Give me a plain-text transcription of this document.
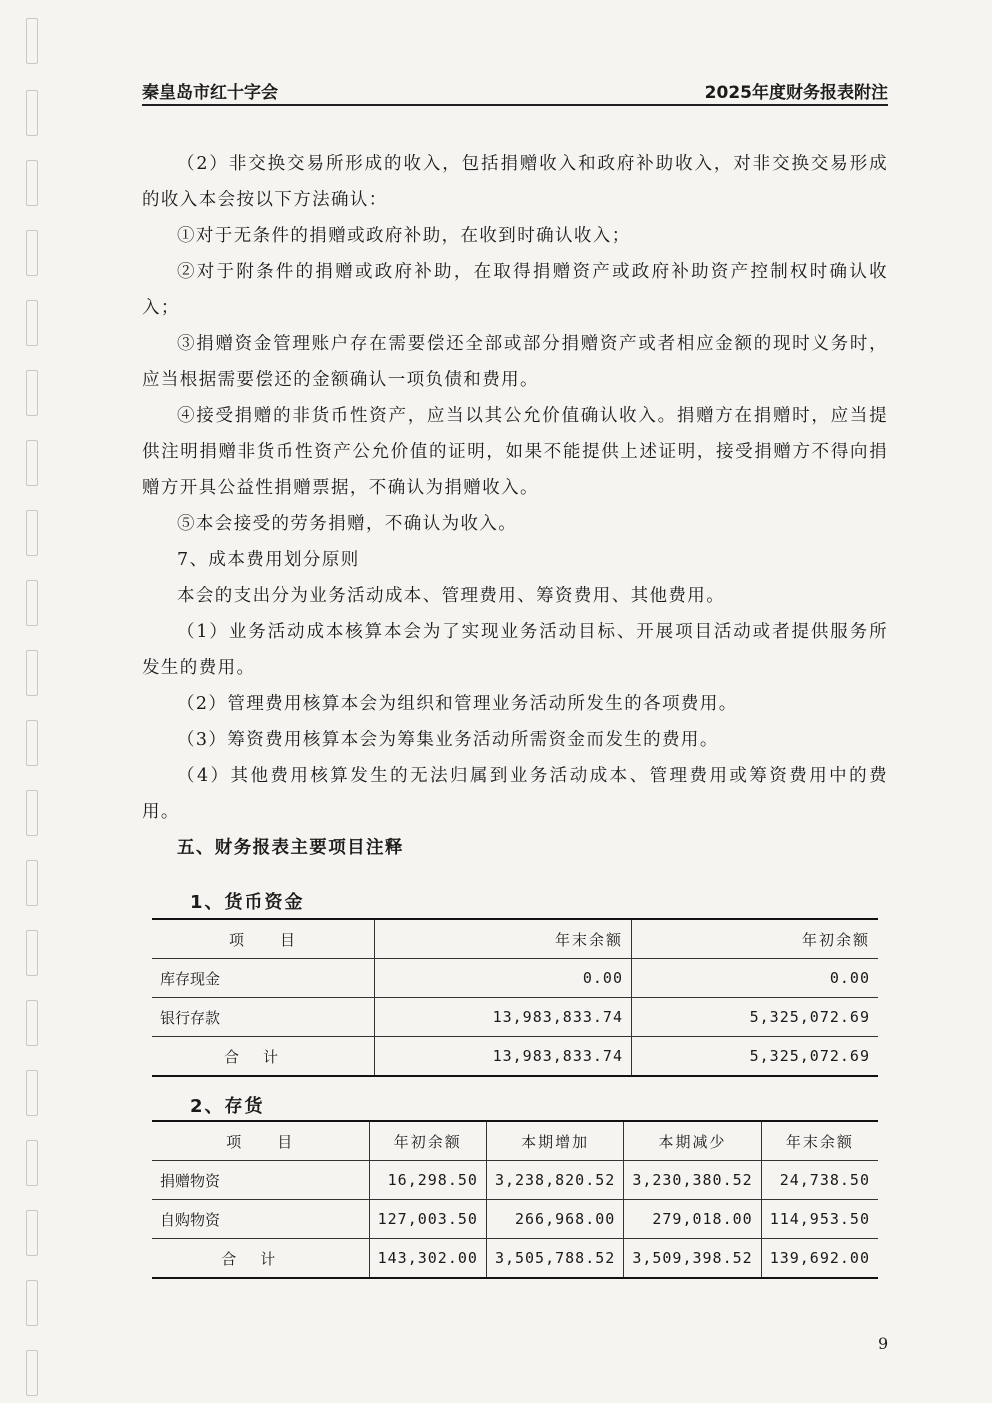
秦皇岛市红十字会	2025年度财务报表附注

（2）非交换交易所形成的收入，包括捐赠收入和政府补助收入，对非交换交易形成的收入本会按以下方法确认：

①对于无条件的捐赠或政府补助，在收到时确认收入；

②对于附条件的捐赠或政府补助，在取得捐赠资产或政府补助资产控制权时确认收入；

③捐赠资金管理账户存在需要偿还全部或部分捐赠资产或者相应金额的现时义务时，应当根据需要偿还的金额确认一项负债和费用。

④接受捐赠的非货币性资产，应当以其公允价值确认收入。捐赠方在捐赠时，应当提供注明捐赠非货币性资产公允价值的证明，如果不能提供上述证明，接受捐赠方不得向捐赠方开具公益性捐赠票据，不确认为捐赠收入。

⑤本会接受的劳务捐赠，不确认为收入。

7、成本费用划分原则

本会的支出分为业务活动成本、管理费用、筹资费用、其他费用。

（1）业务活动成本核算本会为了实现业务活动目标、开展项目活动或者提供服务所发生的费用。

（2）管理费用核算本会为组织和管理业务活动所发生的各项费用。

（3）筹资费用核算本会为筹集业务活动所需资金而发生的费用。

（4）其他费用核算发生的无法归属到业务活动成本、管理费用或筹资费用中的费用。

五、财务报表主要项目注释

1、货币资金
项　　目	年末余额	年初余额
库存现金	0.00	0.00
银行存款	13,983,833.74	5,325,072.69
合计	13,983,833.74	5,325,072.69
2、存货
项　　目	年初余额	本期增加	本期减少	年末余额
捐赠物资	16,298.50	3,238,820.52	3,230,380.52	24,738.50
自购物资	127,003.50	266,968.00	279,018.00	114,953.50
合计	143,302.00	3,505,788.52	3,509,398.52	139,692.00
9
